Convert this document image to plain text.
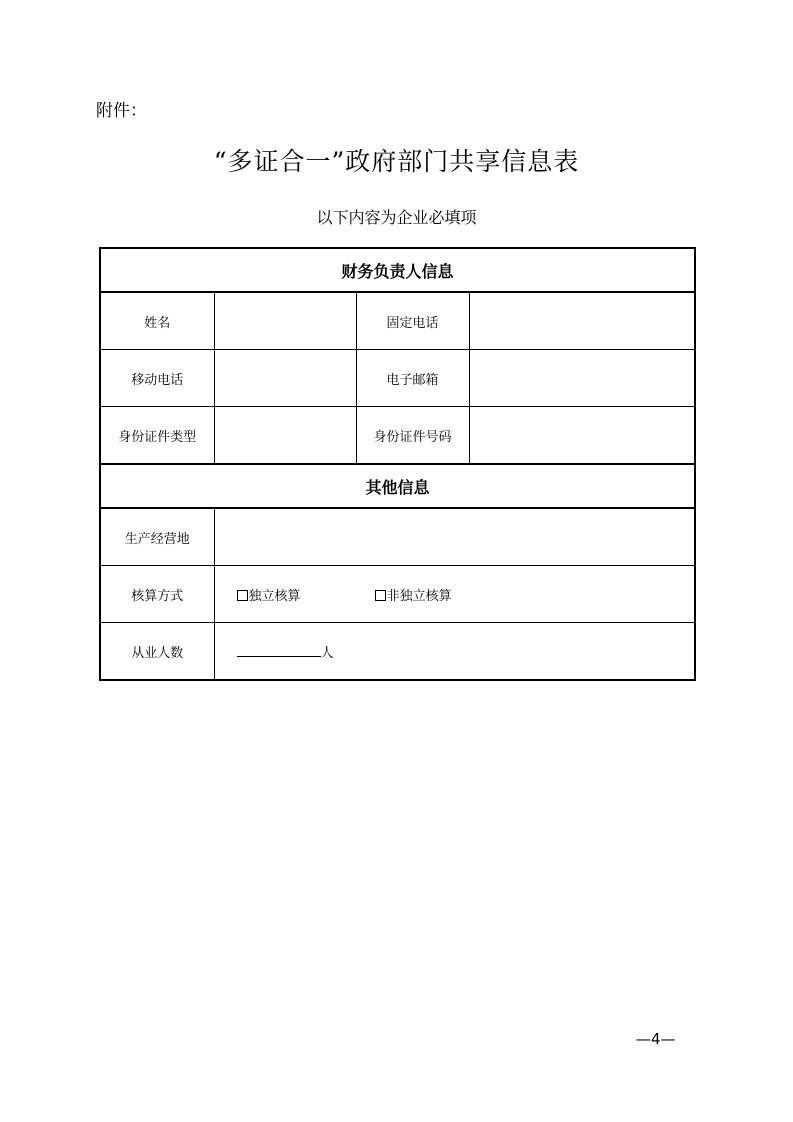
附件：
“多证合一”政府部门共享信息表
以下内容为企业必填项
财务负责人信息			
姓名		固定电话	
移动电话		电子邮箱	
身份证件类型		身份证件号码	
其他信息			
生产经营地			
核算方式	独立核算 非独立核算		
从业人数	人		
—4—
